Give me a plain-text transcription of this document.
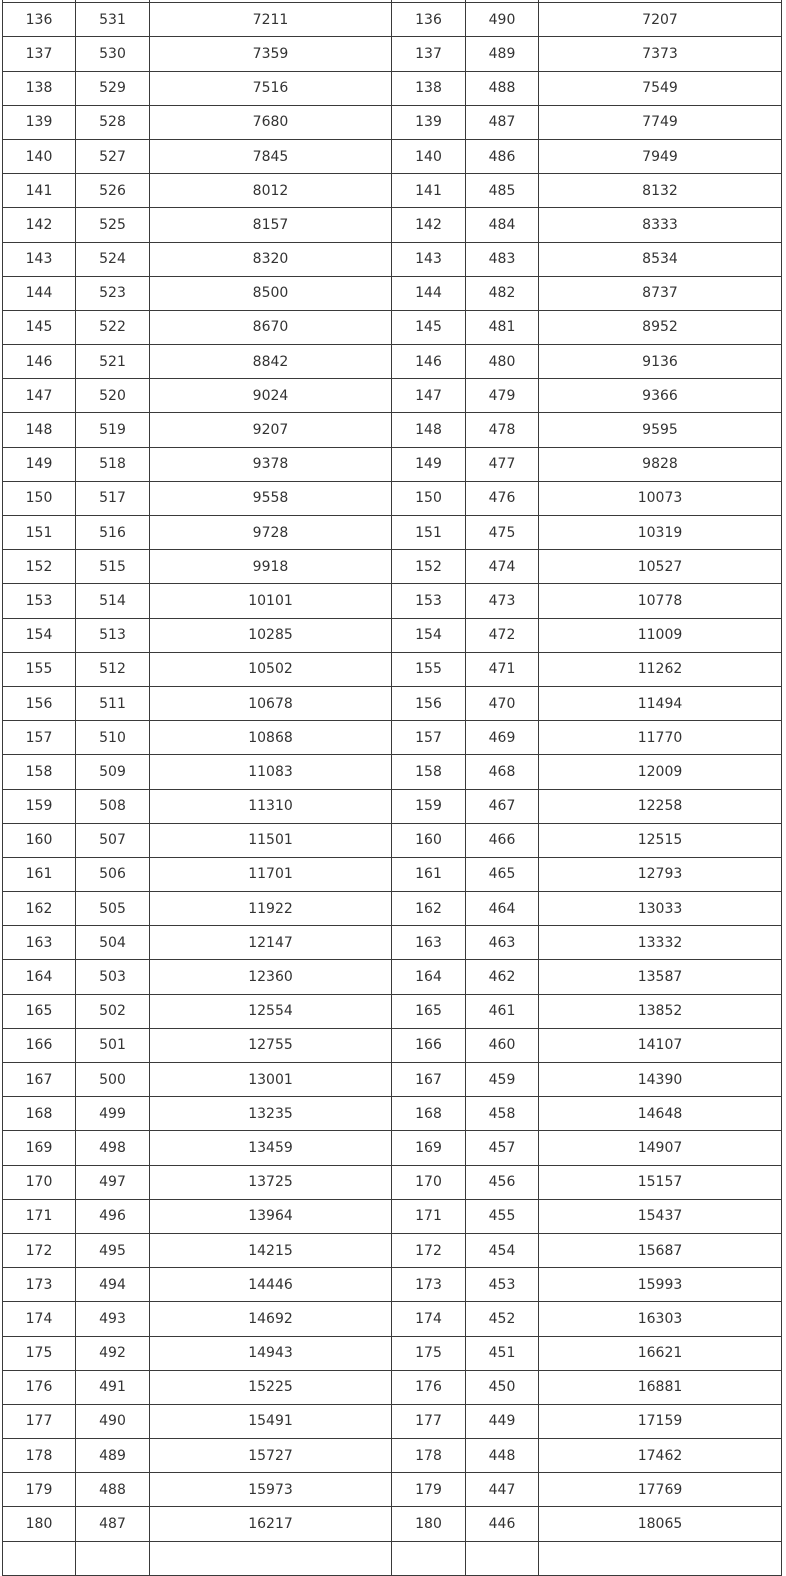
136	531	7211	136	490	7207
137	530	7359	137	489	7373
138	529	7516	138	488	7549
139	528	7680	139	487	7749
140	527	7845	140	486	7949
141	526	8012	141	485	8132
142	525	8157	142	484	8333
143	524	8320	143	483	8534
144	523	8500	144	482	8737
145	522	8670	145	481	8952
146	521	8842	146	480	9136
147	520	9024	147	479	9366
148	519	9207	148	478	9595
149	518	9378	149	477	9828
150	517	9558	150	476	10073
151	516	9728	151	475	10319
152	515	9918	152	474	10527
153	514	10101	153	473	10778
154	513	10285	154	472	11009
155	512	10502	155	471	11262
156	511	10678	156	470	11494
157	510	10868	157	469	11770
158	509	11083	158	468	12009
159	508	11310	159	467	12258
160	507	11501	160	466	12515
161	506	11701	161	465	12793
162	505	11922	162	464	13033
163	504	12147	163	463	13332
164	503	12360	164	462	13587
165	502	12554	165	461	13852
166	501	12755	166	460	14107
167	500	13001	167	459	14390
168	499	13235	168	458	14648
169	498	13459	169	457	14907
170	497	13725	170	456	15157
171	496	13964	171	455	15437
172	495	14215	172	454	15687
173	494	14446	173	453	15993
174	493	14692	174	452	16303
175	492	14943	175	451	16621
176	491	15225	176	450	16881
177	490	15491	177	449	17159
178	489	15727	178	448	17462
179	488	15973	179	447	17769
180	487	16217	180	446	18065
